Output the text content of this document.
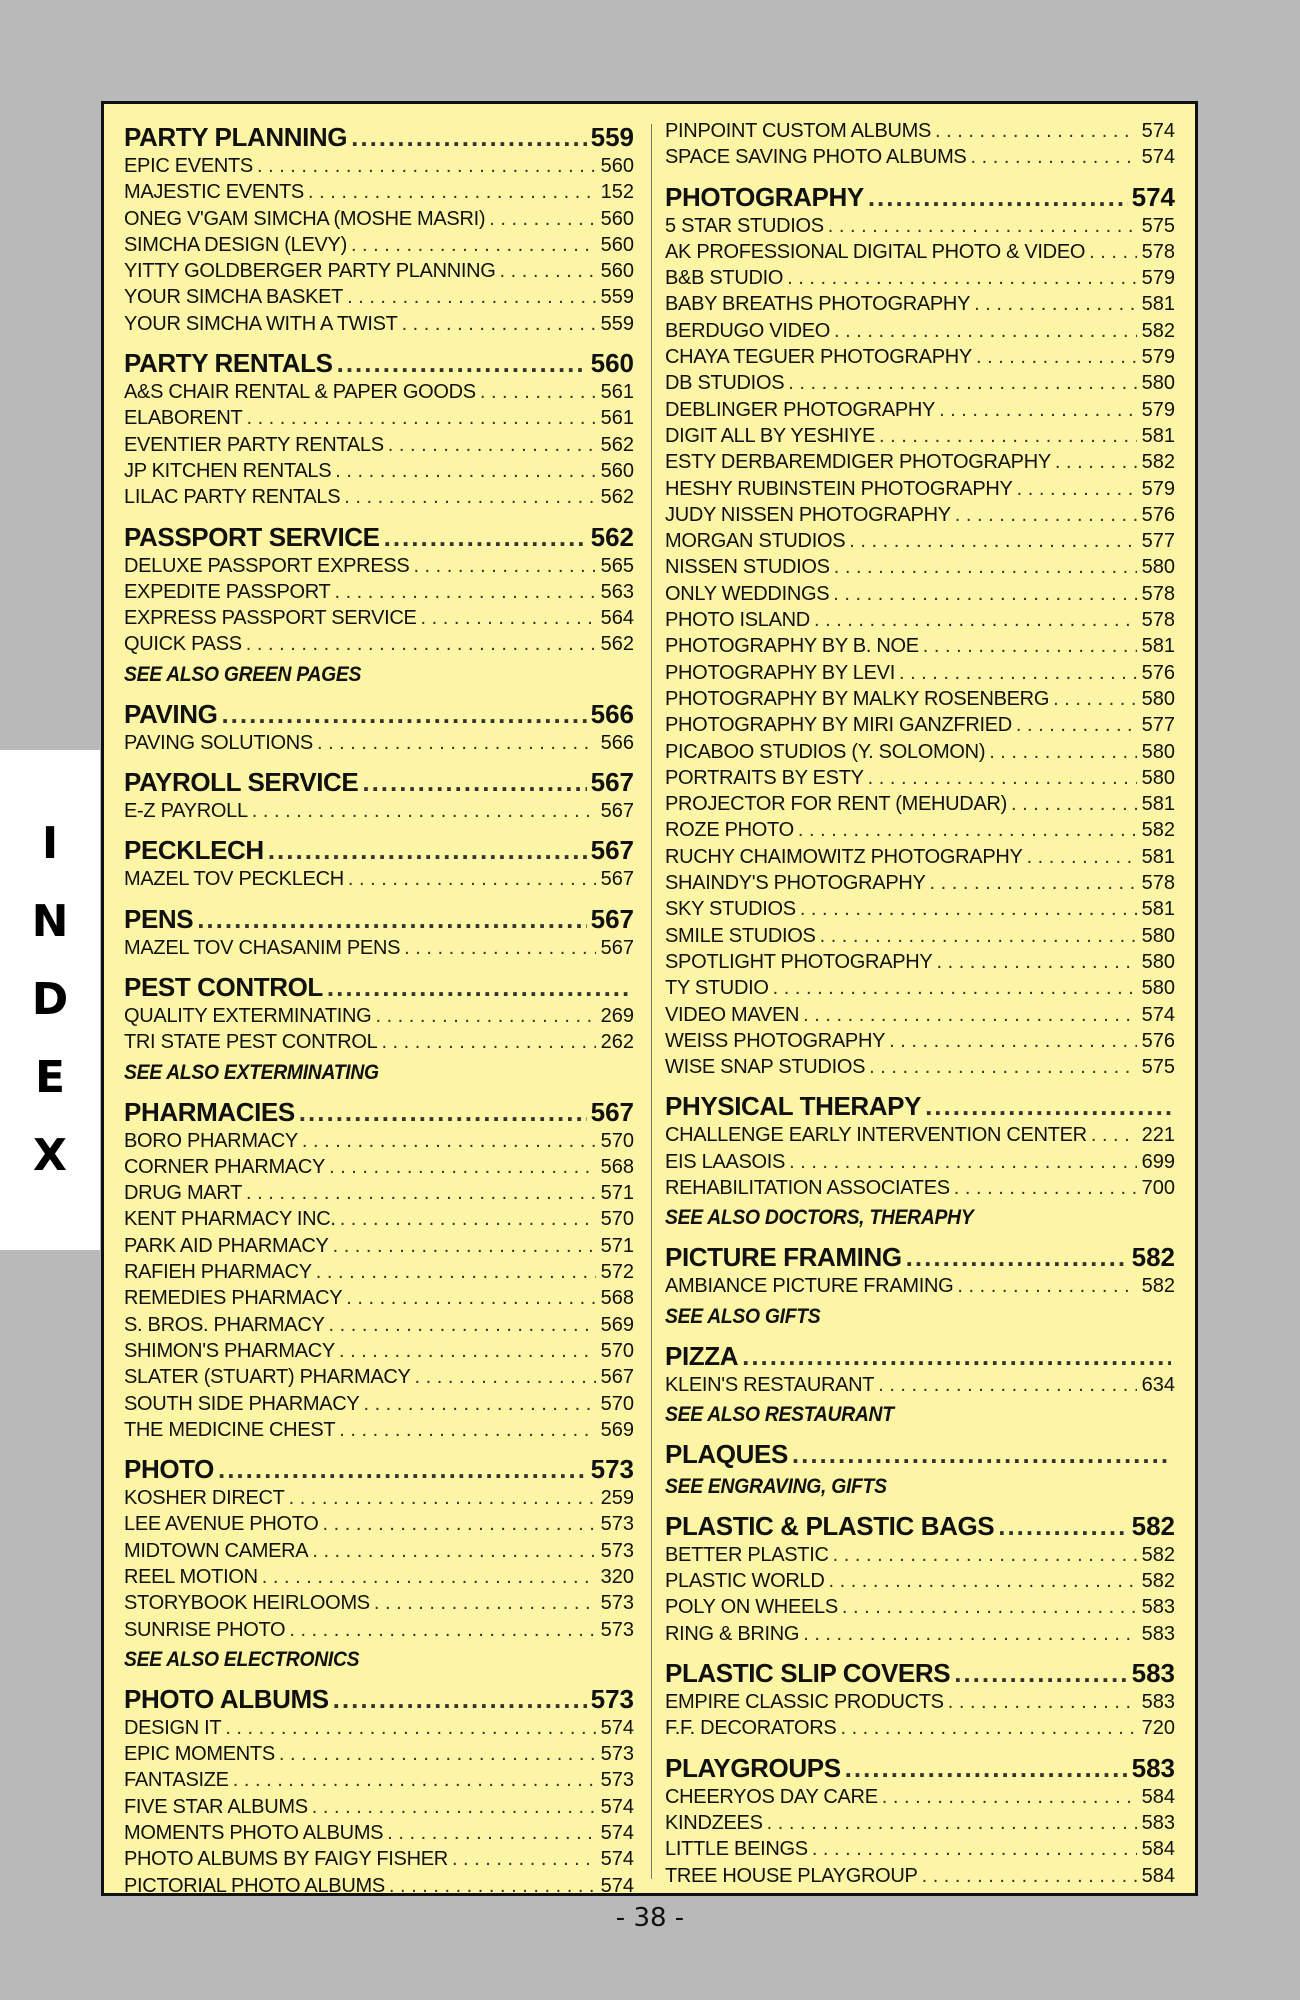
I
N
D
E
X
PARTY PLANNING .....	559
EPIC EVENTS . . .	560
MAJESTIC EVENTS . . .	152
ONEG V'GAM SIMCHA (MOSHE MASRI) . . .	560
SIMCHA DESIGN (LEVY) . . .	560
YITTY GOLDBERGER PARTY PLANNING . . .	560
YOUR SIMCHA BASKET . . .	559
YOUR SIMCHA WITH A TWIST . . .	559
PARTY RENTALS .....	560
A&S CHAIR RENTAL & PAPER GOODS . . .	561
ELABORENT . . .	561
EVENTIER PARTY RENTALS . . .	562
JP KITCHEN RENTALS . . .	560
LILAC PARTY RENTALS . . .	562
PASSPORT SERVICE .....	562
DELUXE PASSPORT EXPRESS . . .	565
EXPEDITE PASSPORT . . .	563
EXPRESS PASSPORT SERVICE . . .	564
QUICK PASS . . .	562
SEE ALSO GREEN PAGES
PAVING .....	566
PAVING SOLUTIONS . . .	566
PAYROLL SERVICE .....	567
E-Z PAYROLL . . .	567
PECKLECH .....	567
MAZEL TOV PECKLECH . . .	567
PENS .....	567
MAZEL TOV CHASANIM PENS . . .	567
PEST CONTROL
.....
QUALITY EXTERMINATING . . .	269
TRI STATE PEST CONTROL . . .	262
SEE ALSO EXTERMINATING
PHARMACIES .....	567
BORO PHARMACY . . .	570
CORNER PHARMACY . . .	568
DRUG MART . . .	571
KENT PHARMACY INC. . . .	570
PARK AID PHARMACY . . .	571
RAFIEH PHARMACY . . .	572
REMEDIES PHARMACY . . .	568
S. BROS. PHARMACY . . .	569
SHIMON'S PHARMACY . . .	570
SLATER (STUART) PHARMACY . . .	567
SOUTH SIDE PHARMACY . . .	570
THE MEDICINE CHEST . . .	569
PHOTO .....	573
KOSHER DIRECT . . .	259
LEE AVENUE PHOTO . . .	573
MIDTOWN CAMERA . . .	573
REEL MOTION . . .	320
STORYBOOK HEIRLOOMS . . .	573
SUNRISE PHOTO . . .	573
SEE ALSO ELECTRONICS
PHOTO ALBUMS .....	573
DESIGN IT . . .	574
EPIC MOMENTS . . .	573
FANTASIZE . . .	573
FIVE STAR ALBUMS . . .	574
MOMENTS PHOTO ALBUMS . . .	574
PHOTO ALBUMS BY FAIGY FISHER . . .	574
PICTORIAL PHOTO ALBUMS . . .	574
PINPOINT CUSTOM ALBUMS . . .	574
SPACE SAVING PHOTO ALBUMS . . .	574
PHOTOGRAPHY .....	574
5 STAR STUDIOS . . .	575
AK PROFESSIONAL DIGITAL PHOTO & VIDEO . . .	578
B&B STUDIO . . .	579
BABY BREATHS PHOTOGRAPHY . . .	581
BERDUGO VIDEO . . .	582
CHAYA TEGUER PHOTOGRAPHY . . .	579
DB STUDIOS . . .	580
DEBLINGER PHOTOGRAPHY . . .	579
DIGIT ALL BY YESHIYE . . .	581
ESTY DERBAREMDIGER PHOTOGRAPHY . . .	582
HESHY RUBINSTEIN PHOTOGRAPHY . . .	579
JUDY NISSEN PHOTOGRAPHY . . .	576
MORGAN STUDIOS . . .	577
NISSEN STUDIOS . . .	580
ONLY WEDDINGS . . .	578
PHOTO ISLAND . . .	578
PHOTOGRAPHY BY B. NOE . . .	581
PHOTOGRAPHY BY LEVI . . .	576
PHOTOGRAPHY BY MALKY ROSENBERG . . .	580
PHOTOGRAPHY BY MIRI GANZFRIED . . .	577
PICABOO STUDIOS (Y. SOLOMON) . . .	580
PORTRAITS BY ESTY . . .	580
PROJECTOR FOR RENT (MEHUDAR) . . .	581
ROZE PHOTO . . .	582
RUCHY CHAIMOWITZ PHOTOGRAPHY . . .	581
SHAINDY'S PHOTOGRAPHY . . .	578
SKY STUDIOS . . .	581
SMILE STUDIOS . . .	580
SPOTLIGHT PHOTOGRAPHY . . .	580
TY STUDIO . . .	580
VIDEO MAVEN . . .	574
WEISS PHOTOGRAPHY . . .	576
WISE SNAP STUDIOS . . .	575
PHYSICAL THERAPY
.....
CHALLENGE EARLY INTERVENTION CENTER . . .	221
EIS LAASOIS . . .	699
REHABILITATION ASSOCIATES . . .	700
SEE ALSO DOCTORS, THERAPHY
PICTURE FRAMING .....	582
AMBIANCE PICTURE FRAMING . . .	582
SEE ALSO GIFTS
PIZZA
.....
KLEIN'S RESTAURANT . . .	634
SEE ALSO RESTAURANT
PLAQUES
.....
SEE ENGRAVING, GIFTS
PLASTIC & PLASTIC BAGS .....	582
BETTER PLASTIC . . .	582
PLASTIC WORLD . . .	582
POLY ON WHEELS . . .	583
RING & BRING . . .	583
PLASTIC SLIP COVERS .....	583
EMPIRE CLASSIC PRODUCTS . . .	583
F.F. DECORATORS . . .	720
PLAYGROUPS .....	583
CHEERYOS DAY CARE . . .	584
KINDZEES . . .	583
LITTLE BEINGS . . .	584
TREE HOUSE PLAYGROUP . . .	584
- 38 -
